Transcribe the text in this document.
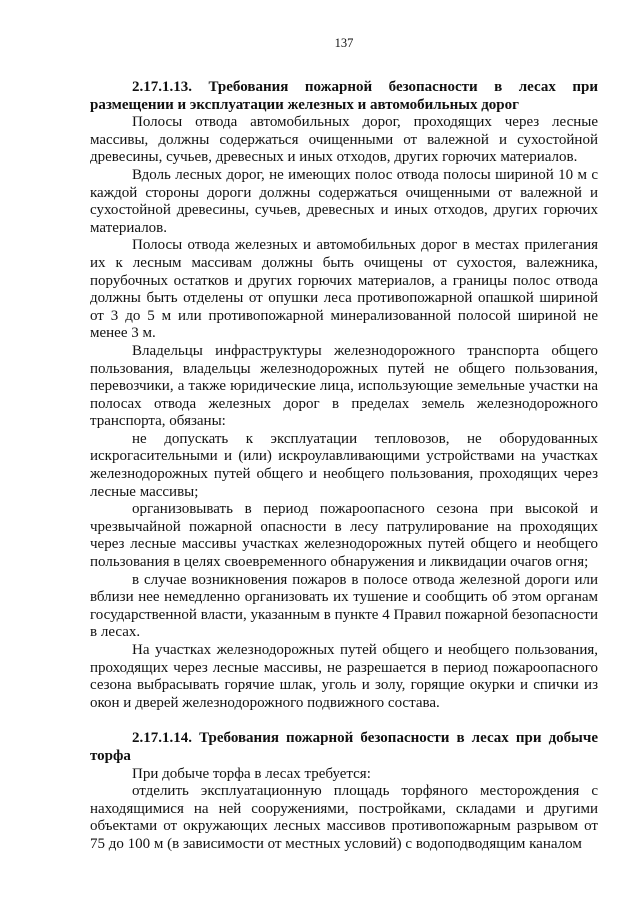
137

2.17.1.13. Требования пожарной безопасности в лесах при размещении и эксплуатации железных и автомобильных дорог

Полосы отвода автомобильных дорог, проходящих через лесные массивы, должны содержаться очищенными от валежной и сухостойной древесины, сучьев, древесных и иных отходов, других горючих материалов.

Вдоль лесных дорог, не имеющих полос отвода полосы шириной 10 м с каждой стороны дороги должны содержаться очищенными от валежной и сухостойной древесины, сучьев, древесных и иных отходов, других горючих материалов.

Полосы отвода железных и автомобильных дорог в местах прилегания их к лесным массивам должны быть очищены от сухостоя, валежника, порубочных остатков и других горючих материалов, а границы полос отвода должны быть отделены от опушки леса противопожарной опашкой шириной от 3 до 5 м или противопожарной минерализованной полосой шириной не менее 3 м.

Владельцы инфраструктуры железнодорожного транспорта общего пользования, владельцы железнодорожных путей не общего пользования, перевозчики, а также юридические лица, использующие земельные участки на полосах отвода железных дорог в пределах земель железнодорожного транспорта, обязаны:

не допускать к эксплуатации тепловозов, не оборудованных искрогасительными и (или) искроулавливающими устройствами на участках железнодорожных путей общего и необщего пользования, проходящих через лесные массивы;

организовывать в период пожароопасного сезона при высокой и чрезвычайной пожарной опасности в лесу патрулирование на проходящих через лесные массивы участках железнодорожных путей общего и необщего пользования в целях своевременного обнаружения и ликвидации очагов огня;

в случае возникновения пожаров в полосе отвода железной дороги или вблизи нее немедленно организовать их тушение и сообщить об этом органам государственной власти, указанным в пункте 4 Правил пожарной безопасности в лесах.

На участках железнодорожных путей общего и необщего пользования, проходящих через лесные массивы, не разрешается в период пожароопасного сезона выбрасывать горячие шлак, уголь и золу, горящие окурки и спички из окон и дверей железнодорожного подвижного состава.

2.17.1.14. Требования пожарной безопасности в лесах при добыче торфа

При добыче торфа в лесах требуется:

отделить эксплуатационную площадь торфяного месторождения с находящимися на ней сооружениями, постройками, складами и другими объектами от окружающих лесных массивов противопожарным разрывом от 75 до 100 м (в зависимости от местных условий) с водоподводящим каналом
